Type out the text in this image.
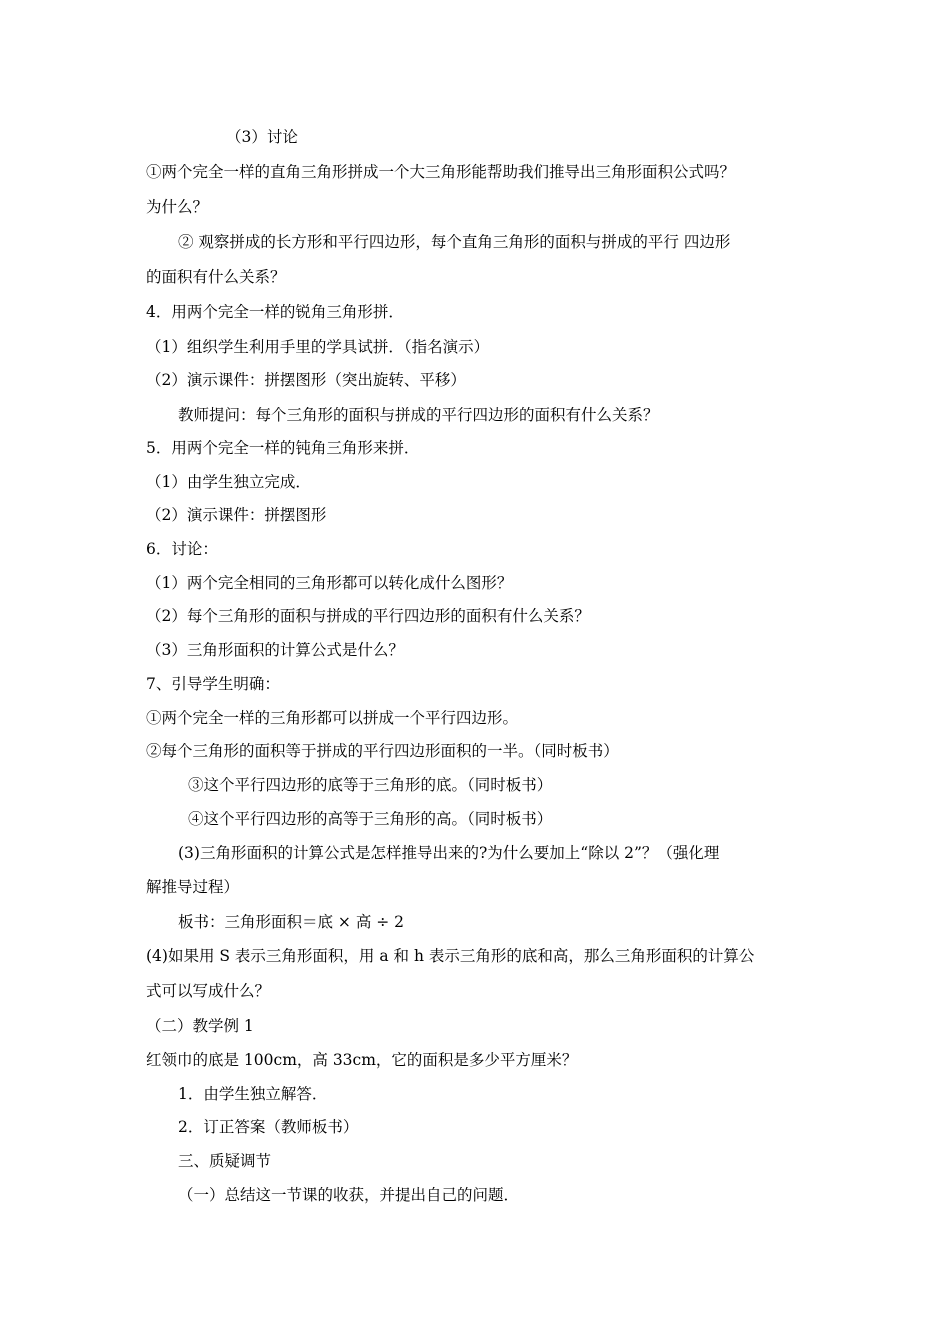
（3）讨论
①两个完全一样的直角三角形拼成一个大三角形能帮助我们推导出三角形面积公式吗？
为什么？
② 观察拼成的长方形和平行四边形，每个直角三角形的面积与拼成的平行 四边形
的面积有什么关系？
4．用两个完全一样的锐角三角形拼．
（1）组织学生利用手里的学具试拼．（指名演示）
（2）演示课件：拼摆图形（突出旋转、平移）
教师提问：每个三角形的面积与拼成的平行四边形的面积有什么关系？
5．用两个完全一样的钝角三角形来拼．
（1）由学生独立完成．
（2）演示课件：拼摆图形
6．讨论：
（1）两个完全相同的三角形都可以转化成什么图形？
（2）每个三角形的面积与拼成的平行四边形的面积有什么关系？
（3）三角形面积的计算公式是什么？
7、引导学生明确：
①两个完全一样的三角形都可以拼成一个平行四边形。
②每个三角形的面积等于拼成的平行四边形面积的一半。（同时板书）
③这个平行四边形的底等于三角形的底。（同时板书）
④这个平行四边形的高等于三角形的高。（同时板书）
(3)三角形面积的计算公式是怎样推导出来的?为什么要加上“除以 2”？（强化理
解推导过程）
板书：三角形面积＝底 × 高 ÷ 2
(4)如果用 S 表示三角形面积，用 a 和 h 表示三角形的底和高，那么三角形面积的计算公
式可以写成什么？
（二）教学例 1
红领巾的底是 100cm，高 33cm，它的面积是多少平方厘米？
1．由学生独立解答．
2．订正答案（教师板书）
三、质疑调节
（一）总结这一节课的收获，并提出自己的问题．
